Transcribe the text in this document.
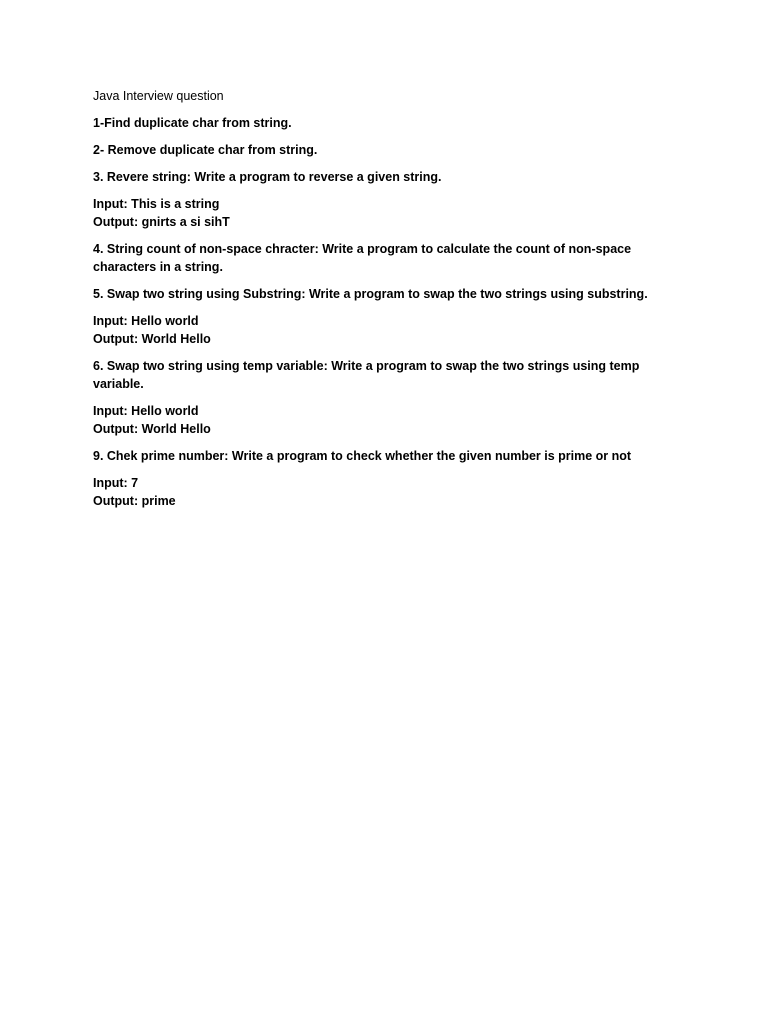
Java Interview question

1-Find duplicate char from string.

2- Remove duplicate char from string.

3. Revere string: Write a program to reverse a given string.

Input: This is a string
Output: gnirts a si sihT

4. String count of non-space chracter: Write a program to calculate the count of non-space characters in a string.

5. Swap two string using Substring: Write a program to swap the two strings using substring.

Input: Hello world
Output: World Hello

6. Swap two string using temp variable: Write a program to swap the two strings using temp variable.

Input: Hello world
Output: World Hello

9. Chek prime number: Write a program to check whether the given number is prime or not

Input: 7
Output: prime
